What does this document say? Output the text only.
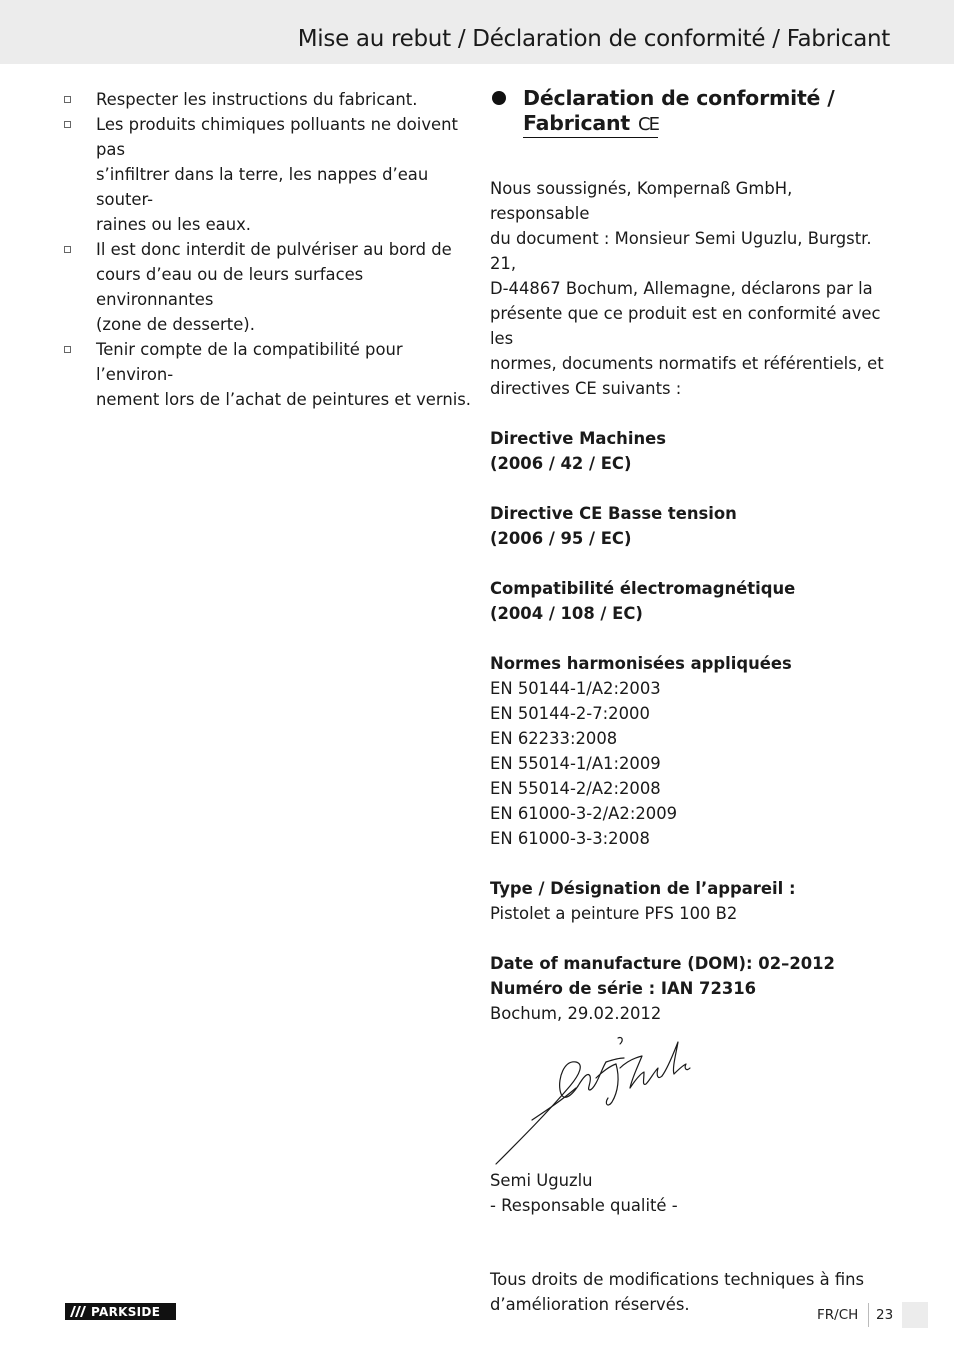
Mise au rebut / Déclaration de conformité / Fabricant
Respecter les instructions du fabricant.
Les produits chimiques polluants ne doivent pas
s’infiltrer dans la terre, les nappes d’eau souter-
raines ou les eaux.
Il est donc interdit de pulvériser au bord de
cours d’eau ou de leurs surfaces environnantes
(zone de desserte).
Tenir compte de la compatibilité pour l’environ-
nement lors de l’achat de peintures et vernis.
Déclaration de conformité /
Fabricant CE

Nous soussignés, Kompernaß GmbH, responsable

du document : Monsieur Semi Uguzlu, Burgstr. 21,

D-44867 Bochum, Allemagne, déclarons par la

présente que ce produit est en conformité avec les

normes, documents normatifs et référentiels, et

directives CE suivants :

Directive Machines

(2006 / 42 / EC)

Directive CE Basse tension

(2006 / 95 / EC)

Compatibilité électromagnétique

(2004 / 108 / EC)

Normes harmonisées appliquées

EN 50144-1/A2:2003

EN 50144-2-7:2000

EN 62233:2008

EN 55014-1/A1:2009

EN 55014-2/A2:2008

EN 61000-3-2/A2:2009

EN 61000-3-3:2008

Type / Désignation de l’appareil :

Pistolet a peinture PFS 100 B2

Date of manufacture (DOM): 02–2012

Numéro de série : IAN 72316

Bochum, 29.02.2012

Semi Uguzlu

- Responsable qualité -

Tous droits de modifications techniques à fins

d’amélioration réservés.

PARKSIDE	FR/CH 23
